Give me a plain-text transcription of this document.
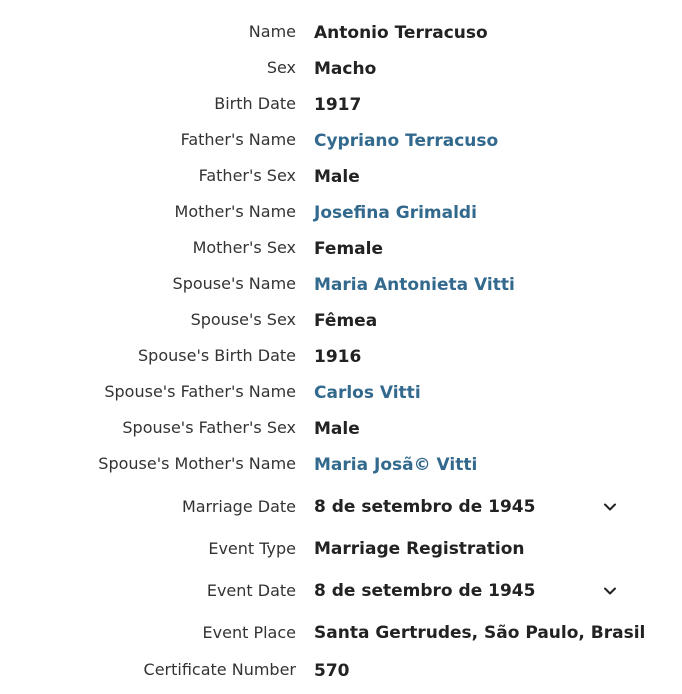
Name Antonio Terracuso
Sex Macho
Birth Date 1917
Father's Name Cypriano Terracuso
Father's Sex Male
Mother's Name Josefina Grimaldi
Mother's Sex Female
Spouse's Name Maria Antonieta Vitti
Spouse's Sex Fêmea
Spouse's Birth Date 1916
Spouse's Father's Name Carlos Vitti
Spouse's Father's Sex Male
Spouse's Mother's Name Maria Josã© Vitti
Marriage Date 8 de setembro de 1945
Event Type Marriage Registration
Event Date 8 de setembro de 1945
Event Place Santa Gertrudes, São Paulo, Brasil
Certificate Number 570
